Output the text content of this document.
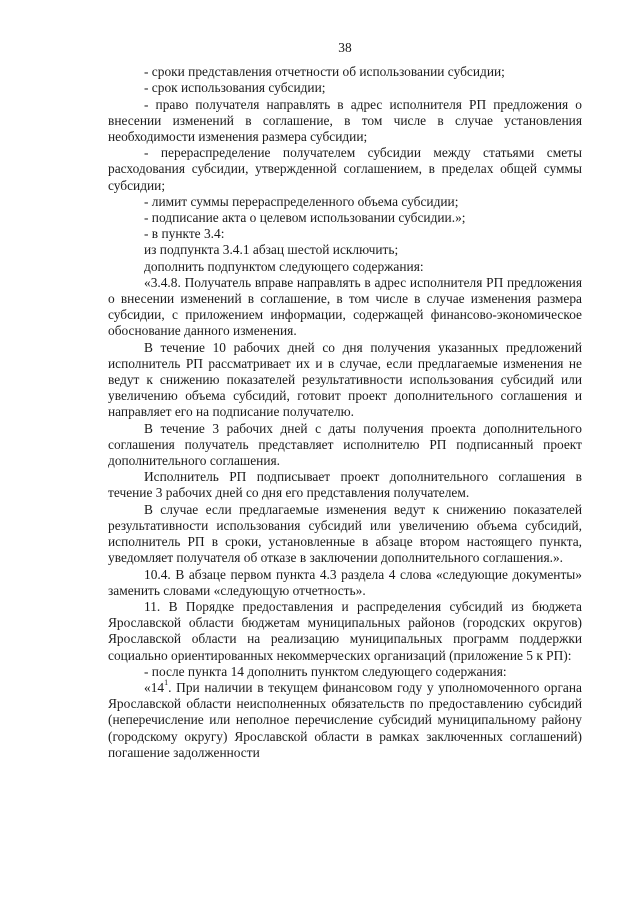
38

- сроки представления отчетности об использовании субсидии;

- срок использования субсидии;

- право получателя направлять в адрес исполнителя РП предложения о внесении изменений в соглашение, в том числе в случае установления необходимости изменения размера субсидии;

- перераспределение получателем субсидии между статьями сметы расходования субсидии, утвержденной соглашением, в пределах общей суммы субсидии;

- лимит суммы перераспределенного объема субсидии;

- подписание акта о целевом использовании субсидии.»;

- в пункте 3.4:

из подпункта 3.4.1 абзац шестой исключить;

дополнить подпунктом следующего содержания:

«3.4.8. Получатель вправе направлять в адрес исполнителя РП предложения о внесении изменений в соглашение, в том числе в случае изменения размера субсидии, с приложением информации, содержащей финансово-экономическое обоснование данного изменения.

В течение 10 рабочих дней со дня получения указанных предложений исполнитель РП рассматривает их и в случае, если предлагаемые изменения не ведут к снижению показателей результативности использования субсидий или увеличению объема субсидий, готовит проект дополнительного соглашения и направляет его на подписание получателю.

В течение 3 рабочих дней с даты получения проекта дополнительного соглашения получатель представляет исполнителю РП подписанный проект дополнительного соглашения.

Исполнитель РП подписывает проект дополнительного соглашения в течение 3 рабочих дней со дня его представления получателем.

В случае если предлагаемые изменения ведут к снижению показателей результативности использования субсидий или увеличению объема субсидий, исполнитель РП в сроки, установленные в абзаце втором настоящего пункта, уведомляет получателя об отказе в заключении дополнительного соглашения.».

10.4. В абзаце первом пункта 4.3 раздела 4 слова «следующие документы» заменить словами «следующую отчетность».

11. В Порядке предоставления и распределения субсидий из бюджета Ярославской области бюджетам муниципальных районов (городских округов) Ярославской области на реализацию муниципальных программ поддержки социально ориентированных некоммерческих организаций (приложение 5 к РП):

- после пункта 14 дополнить пунктом следующего содержания:

«$14^1$. При наличии в текущем финансовом году у уполномоченного органа Ярославской области неисполненных обязательств по предоставлению субсидий (неперечисление или неполное перечисление субсидий муниципальному району (городскому округу) Ярославской области в рамках заключенных соглашений) погашение задолженности
